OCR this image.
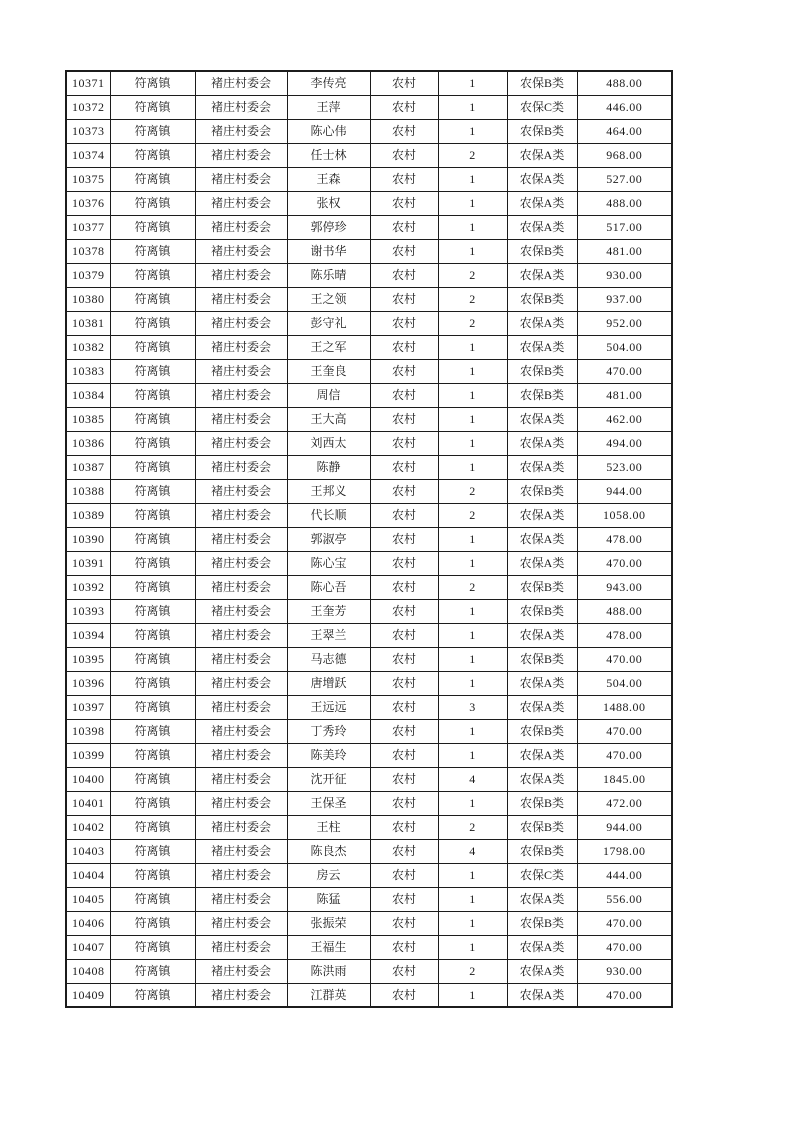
10371	符离镇	褚庄村委会	李传亮	农村	1	农保B类	488.00
10372	符离镇	褚庄村委会	王萍	农村	1	农保C类	446.00
10373	符离镇	褚庄村委会	陈心伟	农村	1	农保B类	464.00
10374	符离镇	褚庄村委会	任士林	农村	2	农保A类	968.00
10375	符离镇	褚庄村委会	王森	农村	1	农保A类	527.00
10376	符离镇	褚庄村委会	张权	农村	1	农保A类	488.00
10377	符离镇	褚庄村委会	郭停珍	农村	1	农保A类	517.00
10378	符离镇	褚庄村委会	谢书华	农村	1	农保B类	481.00
10379	符离镇	褚庄村委会	陈乐晴	农村	2	农保A类	930.00
10380	符离镇	褚庄村委会	王之领	农村	2	农保B类	937.00
10381	符离镇	褚庄村委会	彭守礼	农村	2	农保A类	952.00
10382	符离镇	褚庄村委会	王之军	农村	1	农保A类	504.00
10383	符离镇	褚庄村委会	王奎良	农村	1	农保B类	470.00
10384	符离镇	褚庄村委会	周信	农村	1	农保B类	481.00
10385	符离镇	褚庄村委会	王大高	农村	1	农保A类	462.00
10386	符离镇	褚庄村委会	刘西太	农村	1	农保A类	494.00
10387	符离镇	褚庄村委会	陈静	农村	1	农保A类	523.00
10388	符离镇	褚庄村委会	王邦义	农村	2	农保B类	944.00
10389	符离镇	褚庄村委会	代长顺	农村	2	农保A类	1058.00
10390	符离镇	褚庄村委会	郭淑亭	农村	1	农保A类	478.00
10391	符离镇	褚庄村委会	陈心宝	农村	1	农保A类	470.00
10392	符离镇	褚庄村委会	陈心吾	农村	2	农保B类	943.00
10393	符离镇	褚庄村委会	王奎芳	农村	1	农保B类	488.00
10394	符离镇	褚庄村委会	王翠兰	农村	1	农保A类	478.00
10395	符离镇	褚庄村委会	马志德	农村	1	农保B类	470.00
10396	符离镇	褚庄村委会	唐增跃	农村	1	农保A类	504.00
10397	符离镇	褚庄村委会	王远远	农村	3	农保A类	1488.00
10398	符离镇	褚庄村委会	丁秀玲	农村	1	农保B类	470.00
10399	符离镇	褚庄村委会	陈美玲	农村	1	农保A类	470.00
10400	符离镇	褚庄村委会	沈开征	农村	4	农保A类	1845.00
10401	符离镇	褚庄村委会	王保圣	农村	1	农保B类	472.00
10402	符离镇	褚庄村委会	王柱	农村	2	农保B类	944.00
10403	符离镇	褚庄村委会	陈良杰	农村	4	农保B类	1798.00
10404	符离镇	褚庄村委会	房云	农村	1	农保C类	444.00
10405	符离镇	褚庄村委会	陈猛	农村	1	农保A类	556.00
10406	符离镇	褚庄村委会	张振荣	农村	1	农保B类	470.00
10407	符离镇	褚庄村委会	王福生	农村	1	农保A类	470.00
10408	符离镇	褚庄村委会	陈洪雨	农村	2	农保A类	930.00
10409	符离镇	褚庄村委会	江群英	农村	1	农保A类	470.00
